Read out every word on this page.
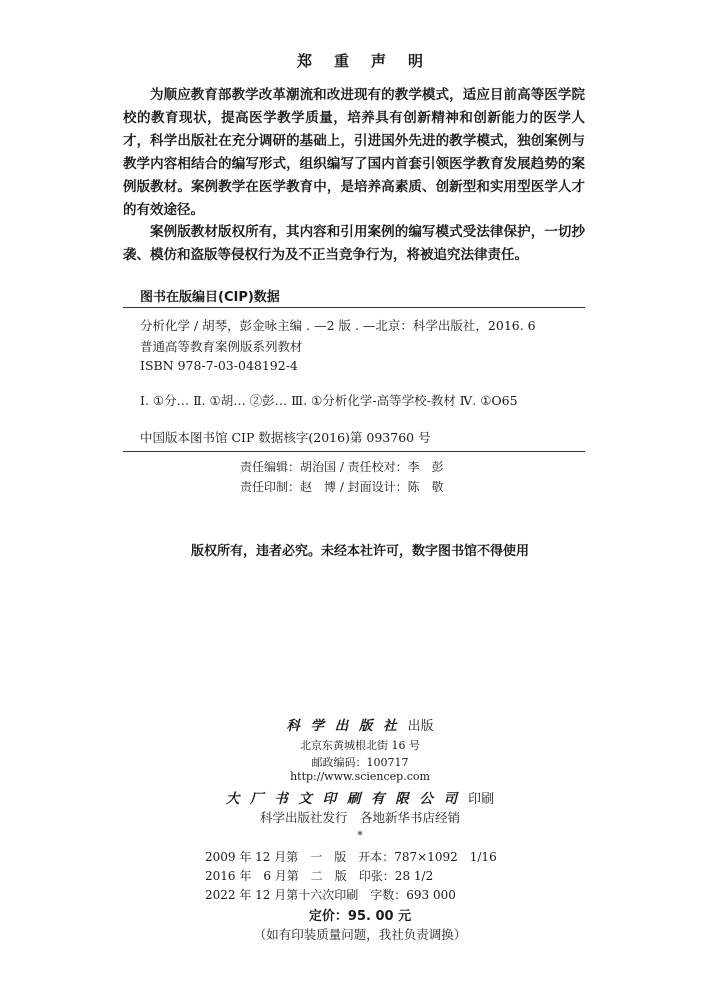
郑重声明
为顺应教育部教学改革潮流和改进现有的教学模式，适应目前高等医学院校的教育现状，提高医学教学质量，培养具有创新精神和创新能力的医学人才，科学出版社在充分调研的基础上，引进国外先进的教学模式，独创案例与教学内容相结合的编写形式，组织编写了国内首套引领医学教育发展趋势的案例版教材。案例教学在医学教育中，是培养高素质、创新型和实用型医学人才的有效途径。
案例版教材版权所有，其内容和引用案例的编写模式受法律保护，一切抄袭、模仿和盗版等侵权行为及不正当竞争行为，将被追究法律责任。
图书在版编目(CIP)数据
分析化学 / 胡琴，彭金咏主编 . —2 版 . —北京：科学出版社，2016. 6
普通高等教育案例版系列教材
ISBN 978-7-03-048192-4
Ⅰ. ①分… Ⅱ. ①胡… ②彭… Ⅲ. ①分析化学-高等学校-教材 Ⅳ. ①O65
中国版本图书馆 CIP 数据核字(2016)第 093760 号
责任编辑：胡治国 / 责任校对：李　彭
责任印制：赵　博 / 封面设计：陈　敬
版权所有，违者必究。未经本社许可，数字图书馆不得使用
科 学 出 版 社 出版
北京东黄城根北街 16 号
邮政编码：100717
http://www.sciencep.com
大 厂 书 文 印 刷 有 限 公 司 印刷
科学出版社发行　各地新华书店经销
*
2009 年 12 月第　一　版　开本：787×1092　1/16
2016 年　6 月第　二　版　印张：28 1/2
2022 年 12 月第十六次印刷　字数：693 000
定价：95. 00 元
（如有印装质量问题，我社负责调换）
